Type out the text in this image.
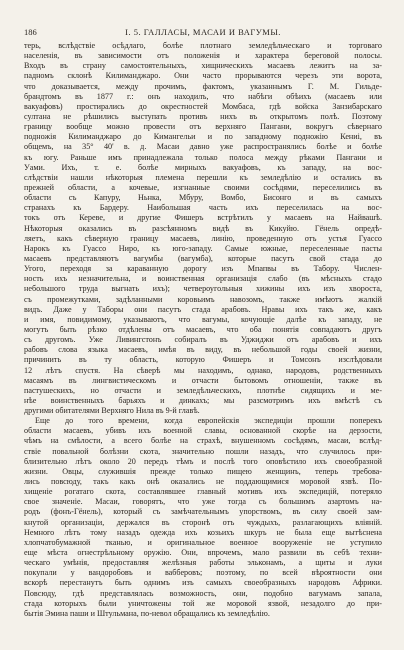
186	I. 5. ГАЛЛАСЫ, МАСАИ И ВАГУМЫ.
терь, вслѣдствіе осѣдлаго, болѣе плотнаго земледѣльческаго и торговаго
населенія, въ зависимости отъ положенія и характера береговой полосы.
Входъ въ страну самостоятельныхъ, хищническихъ масаевъ лежитъ на за-
падномъ склонѣ Килиманджаро. Они часто прорываются черезъ эти ворота,
что доказывается, между прочимъ, фактомъ, указаннымъ Г. М. Гильде-
брандтомъ въ 1877 г.: онъ находилъ, что набѣги обѣихъ (масаевъ или
вакуафовъ) простирались до окрестностей Момбаса, гдѣ войска Занзибарскаго
султана не рѣшились выступать противъ нихъ въ открытомъ полѣ. Поэтому
границу вообще можно провести отъ верхняго Пангани, вокругъ сѣвернаго
подножія Килиманджаро до Кимангельи и по западному подножію Кениі, въ
общемъ, на 35° 40' в. д. Масаи давно уже распространялись болѣе и болѣе
къ югу. Раньше имъ принадлежала только полоса между рѣками Пангани и
Уами. Ихъ, т. е. болѣе мирныхъ вакуафовъ, къ западу, на вос-
слѣдствіи нашли нѣкоторыя племена перешли къ земледѣлію и остались въ
прежней области, а кочевые, изгнанные своими сосѣдями, переселились въ
области съ Капуру, Ньнка, Мбуру, Вомбо, Бисонго и въ самыхъ
странахъ къ Бардеру. Наибольшая часть ихъ переселилась на вос-
токъ отъ Кереве, и другие Фишеръ встрѣтилъ у масаевъ на Найвашѣ.
Нѣкоторыя оказались въ разсѣянномъ видѣ въ Кикуйю. Гёнель опредѣ-
ляетъ, какъ сѣверную границу масаевъ, линію, проведенную отъ устья Гуассо
Нарокъ къ Гуассо Ниро, къ юго-западу. Самые южные, переселенные пасты
масаевъ представляютъ вагумбы (вагумба), которые пасутъ свой стада до
Угого, переходя за караванную дорогу изъ Мпапвы въ Табору. Числен-
ность ихъ незначительна, и воинственная организація слабо (въ мѣсныхъ стадо
небольшого труда выгнать ихъ); четвероугольныя хижины ихъ изъ хвороста,
съ промежутками, задѣланными коровьимъ навозомъ, также имѣютъ жалкій
видъ. Даже у Таборы они пасутъ стада арабовъ. Нравы ихъ такъ же, какъ
и имя, повидимому, указываютъ, что вагумы, кочующіе далѣе къ западу, не
могутъ быть рѣзко отдѣлены отъ масаевъ, что оба понятія совпадаютъ другъ
съ другомъ. Уже Ливингстонъ собиралъ въ Уджиджи отъ арабовъ и ихъ
рабовъ слова языка масаевъ, имѣя въ виду, въ небольшой годы своей жизни,
причинить въ ту область, которую Фишеръ и Томсонъ изслѣдовали
12 лѣтъ спустя. На сѣверѣ мы находимъ, однако, народовъ, родственныхъ
масаямъ въ лингвистическомъ и отчасти бытовомъ отношеніи, также въ
пастушескихъ, но отчасти и земледѣльческихъ, плотнѣе сидящихъ и ме-
нѣе воинственныхъ барьяхъ и динкахъ; мы разсмотримъ ихъ вмѣстѣ съ
другими обитателями Верхняго Нила въ 9-й главѣ.
Еще до того времени, когда европейскія экспедиціи прошли поперекъ
области масаевъ, убивъ ихъ военной славы, основанной скорѣе на дерзости,
чѣмъ на смѣлости, а всего болѣе на страхѣ, внушенномъ сосѣдямъ, масаи, вслѣд-
ствіе повальной болѣзни скота, значительно пошли назадъ, что случилось при-
близительно лѣтъ около 20 передъ тѣмъ и послѣ того оповѣстило ихъ своеобразной
жизни. Овцы, служившія прежде только пищею женщинъ, теперь требова-
лись повсюду, такъ какъ онѣ оказались не поддающимися моровой язвѣ. По-
хищеніе рогатаго скота, составлявшее главный мотивъ ихъ экспедицій, потеряло
свое значеніе. Масаи, говорятъ, что уже тогда съ большимъ азартомъ на-
родъ (фонъ-Гёнель), который съ замѣчательнымъ упорствомъ, въ силу своей зам-
кнутой организаціи, держался въ сторонѣ отъ чуждыхъ, разлагающихъ вліяній.
Немного лѣтъ тому назадъ одежда ихъ козьихъ шкуръ не была еще вытѣснена
хлопчатобумажной тканью, и оригинальное военное вооруженіе не уступило
еще мѣста огнестрѣльному оружію. Они, впрочемъ, мало развили въ себѣ техни-
ческаго умѣнія, предоставляя желѣзныя работы эльконамъ, а щиты и луки
покупали у вандоробовъ и вабберовъ; поэтому, по всей вѣроятности они
вскорѣ перестанутъ быть однимъ изъ самыхъ своеобразныхъ народовъ Африки.
Повсюду, гдѣ представлялась возможность, они, подобно вагумамъ запала,
стада которыхъ были уничтожены той же моровой язвой, незадолго до при-
бытія Эмина паши и Штульмана, по-невол обращались къ земледѣлію.
